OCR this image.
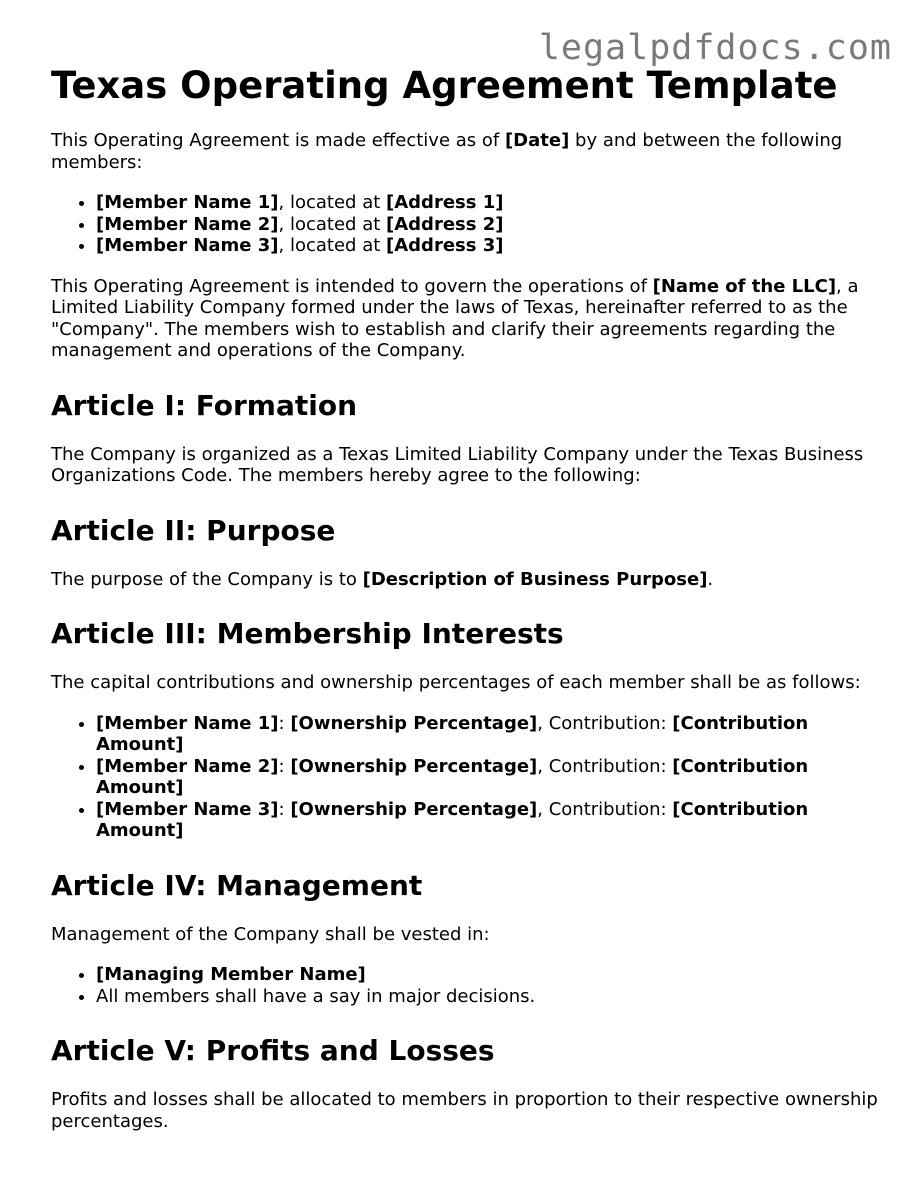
legalpdfdocs.com
Texas Operating Agreement Template

This Operating Agreement is made effective as of [Date] by and between the following members:

• [Member Name 1], located at [Address 1]
• [Member Name 2], located at [Address 2]
• [Member Name 3], located at [Address 3]

This Operating Agreement is intended to govern the operations of [Name of the LLC], a Limited Liability Company formed under the laws of Texas, hereinafter referred to as the "Company". The members wish to establish and clarify their agreements regarding the management and operations of the Company.

Article I: Formation

The Company is organized as a Texas Limited Liability Company under the Texas Business Organizations Code. The members hereby agree to the following:

Article II: Purpose

The purpose of the Company is to [Description of Business Purpose].

Article III: Membership Interests

The capital contributions and ownership percentages of each member shall be as follows:

• [Member Name 1]: [Ownership Percentage], Contribution: [Contribution Amount]
• [Member Name 2]: [Ownership Percentage], Contribution: [Contribution Amount]
• [Member Name 3]: [Ownership Percentage], Contribution: [Contribution Amount]
Article IV: Management

Management of the Company shall be vested in:

• [Managing Member Name]
• All members shall have a say in major decisions.
Article V: Profits and Losses

Profits and losses shall be allocated to members in proportion to their respective ownership percentages.
